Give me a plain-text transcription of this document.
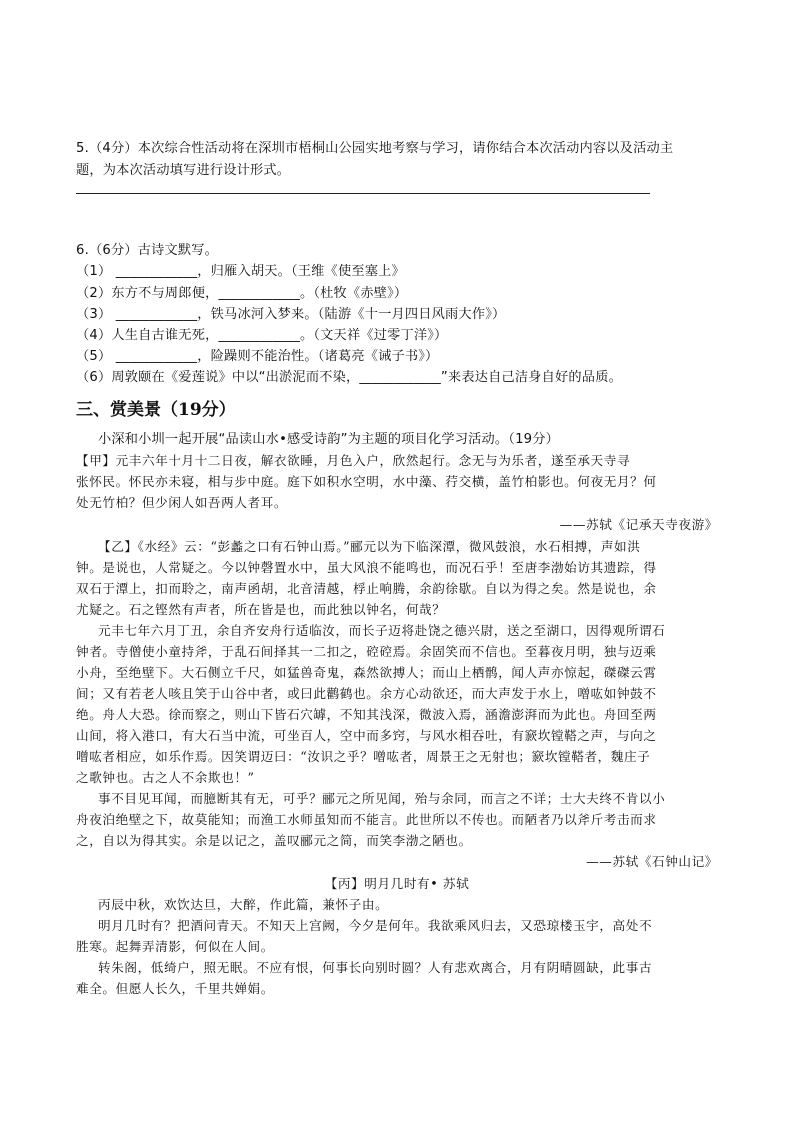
5.（4分）本次综合性活动将在深圳市梧桐山公园实地考察与学习，请你结合本次活动内容以及活动主
题，为本次活动填写进行设计形式。
6.（6分）古诗文默写。
（1） ____________，归雁入胡天。（王维《使至塞上》
（2）东方不与周郎便，____________。（杜牧《赤壁》）
（3） ____________，铁马冰河入梦来。（陆游《十一月四日风雨大作》）
（4）人生自古谁无死，____________。（文天祥《过零丁洋》）
（5） ____________，险躁则不能治性。（诸葛亮《诫子书》）
（6）周敦颐在《爱莲说》中以“出淤泥而不染，____________”来表达自己洁身自好的品质。
三、赏美景（19分）
小深和小圳一起开展“品读山水•感受诗韵”为主题的项目化学习活动。（19分）
【甲】元丰六年十月十二日夜，解衣欲睡，月色入户，欣然起行。念无与为乐者，遂至承天寺寻
张怀民。怀民亦未寝，相与步中庭。庭下如积水空明，水中藻、荇交横，盖竹柏影也。何夜无月？何
处无竹柏？但少闲人如吾两人者耳。
——苏轼《记承天寺夜游》
【乙】《水经》云：“彭蠡之口有石钟山焉。”郦元以为下临深潭，微风鼓浪，水石相搏，声如洪
钟。是说也，人常疑之。今以钟磬置水中，虽大风浪不能鸣也，而况石乎！至唐李渤始访其遗踪，得
双石于潭上，扣而聆之，南声函胡，北音清越，桴止响腾，余韵徐歇。自以为得之矣。然是说也，余
尤疑之。石之铿然有声者，所在皆是也，而此独以钟名，何哉？
元丰七年六月丁丑，余自齐安舟行适临汝，而长子迈将赴饶之德兴尉，送之至湖口，因得观所谓石
钟者。寺僧使小童持斧，于乱石间择其一二扣之，硿硿焉。余固笑而不信也。至暮夜月明，独与迈乘
小舟，至绝壁下。大石侧立千尺，如猛兽奇鬼，森然欲搏人；而山上栖鹘，闻人声亦惊起，磔磔云霄
间；又有若老人咳且笑于山谷中者，或曰此鹳鹤也。余方心动欲还，而大声发于水上，噌吰如钟鼓不
绝。舟人大恐。徐而察之，则山下皆石穴罅，不知其浅深，微波入焉，涵澹澎湃而为此也。舟回至两
山间，将入港口，有大石当中流，可坐百人，空中而多窍，与风水相吞吐，有窾坎镗鞳之声，与向之
噌吰者相应，如乐作焉。因笑谓迈曰：“汝识之乎？噌吰者，周景王之无射也；窾坎镗鞳者，魏庄子
之歌钟也。古之人不余欺也！”
事不目见耳闻，而臆断其有无，可乎？郦元之所见闻，殆与余同，而言之不详；士大夫终不肯以小
舟夜泊绝壁之下，故莫能知；而渔工水师虽知而不能言。此世所以不传也。而陋者乃以斧斤考击而求
之，自以为得其实。余是以记之，盖叹郦元之简，而笑李渤之陋也。
——苏轼《石钟山记》
【丙】明月几时有• 苏轼
丙辰中秋，欢饮达旦，大醉，作此篇，兼怀子由。
明月几时有？把酒问青天。不知天上宫阙，今夕是何年。我欲乘风归去，又恐琼楼玉宇，高处不
胜寒。起舞弄清影，何似在人间。
转朱阁，低绮户，照无眠。不应有恨，何事长向别时圆？人有悲欢离合，月有阴晴圆缺，此事古
难全。但愿人长久，千里共婵娟。
